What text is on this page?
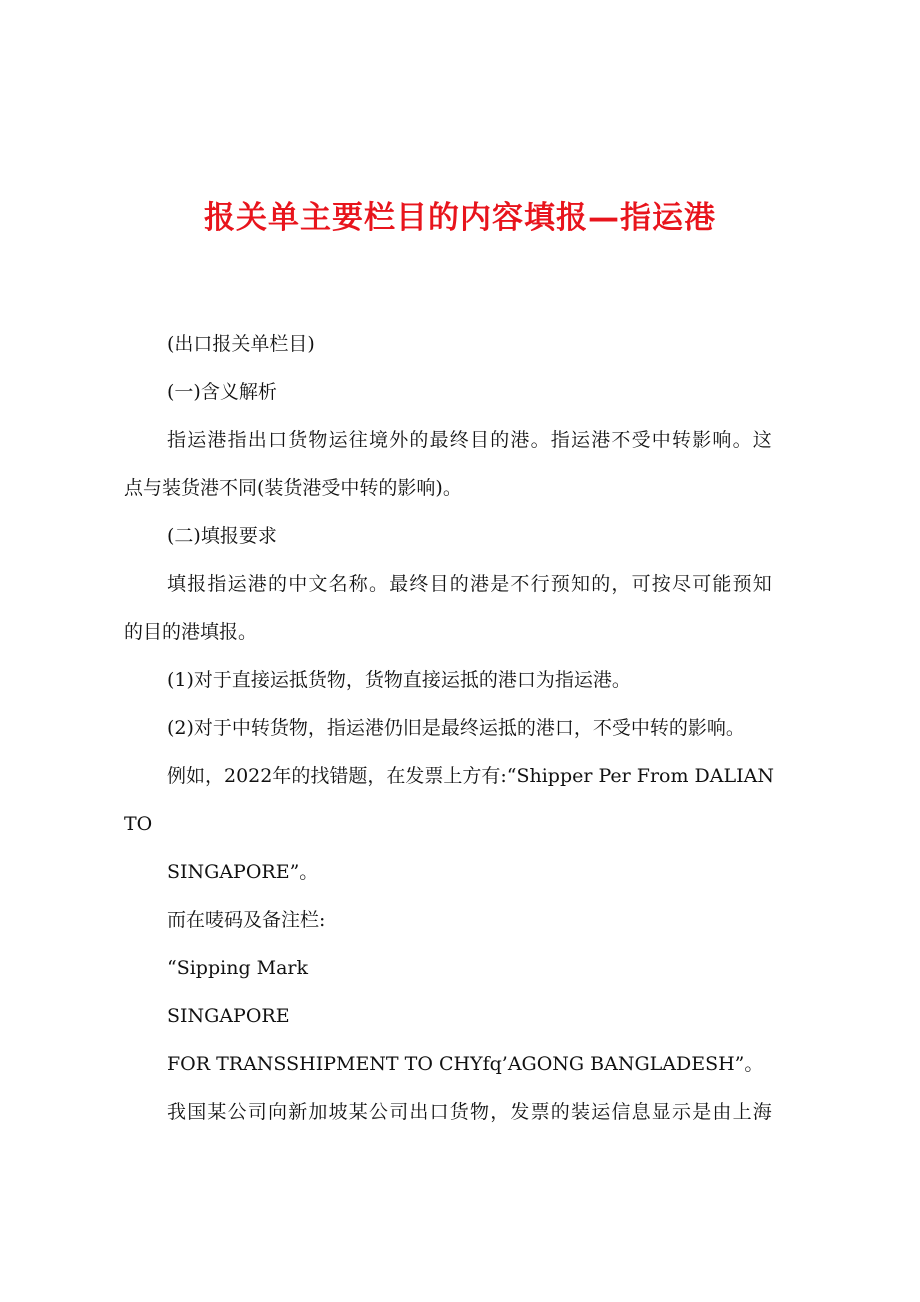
报关单主要栏目的内容填报—指运港

(出口报关单栏目)

(一)含义解析

指运港指出口货物运往境外的最终目的港。指运港不受中转影响。这

点与装货港不同(装货港受中转的影响)。

(二)填报要求

填报指运港的中文名称。最终目的港是不行预知的，可按尽可能预知

的目的港填报。

(1)对于直接运抵货物，货物直接运抵的港口为指运港。

(2)对于中转货物，指运港仍旧是最终运抵的港口，不受中转的影响。

例如，2022年的找错题，在发票上方有:“Shipper Per From DALIAN

TO

SINGAPORE”。

而在唛码及备注栏:

“Sipping Mark

SINGAPORE

FOR TRANSSHIPMENT TO CHYfq’AGONG BANGLADESH”。

我国某公司向新加坡某公司出口货物，发票的装运信息显示是由上海
